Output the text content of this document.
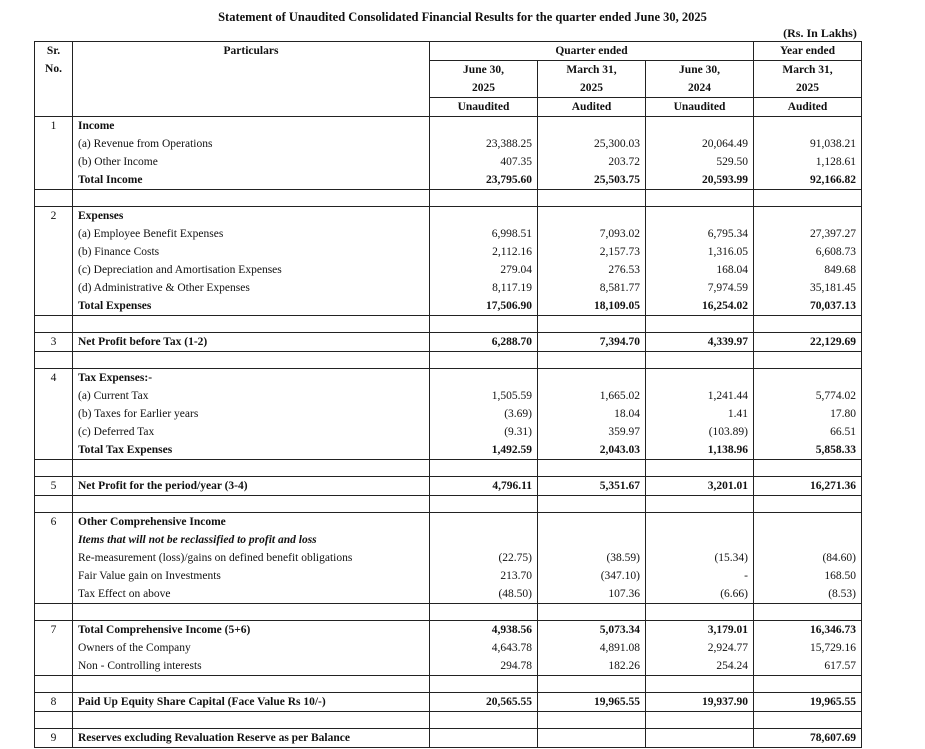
Statement of Unaudited Consolidated Financial Results for the quarter ended June 30, 2025
(Rs. In Lakhs)
Sr.	Particulars	Quarter ended			Year ended
No.		June 30,	March 31,	June 30,	March 31,
		2025	2025	2024	2025
		Unaudited	Audited	Unaudited	Audited
1	Income				
	(a) Revenue from Operations	23,388.25	25,300.03	20,064.49	91,038.21
	(b) Other Income	407.35	203.72	529.50	1,128.61
	Total Income	23,795.60	25,503.75	20,593.99	92,166.82

2	Expenses				
	(a) Employee Benefit Expenses	6,998.51	7,093.02	6,795.34	27,397.27
	(b) Finance Costs	2,112.16	2,157.73	1,316.05	6,608.73
	(c) Depreciation and Amortisation Expenses	279.04	276.53	168.04	849.68
	(d) Administrative & Other Expenses	8,117.19	8,581.77	7,974.59	35,181.45
	Total Expenses	17,506.90	18,109.05	16,254.02	70,037.13

3	Net Profit before Tax (1-2)	6,288.70	7,394.70	4,339.97	22,129.69

4	Tax Expenses:-				
	(a) Current Tax	1,505.59	1,665.02	1,241.44	5,774.02
	(b) Taxes for Earlier years	(3.69)	18.04	1.41	17.80
	(c) Deferred Tax	(9.31)	359.97	(103.89)	66.51
	Total Tax Expenses	1,492.59	2,043.03	1,138.96	5,858.33

5	Net Profit for the period/year (3-4)	4,796.11	5,351.67	3,201.01	16,271.36

6	Other Comprehensive Income				
	Items that will not be reclassified to profit and loss				
	Re-measurement (loss)/gains on defined benefit obligations	(22.75)	(38.59)	(15.34)	(84.60)
	Fair Value gain on Investments	213.70	(347.10)	-	168.50
	Tax Effect on above	(48.50)	107.36	(6.66)	(8.53)

7	Total Comprehensive Income (5+6)	4,938.56	5,073.34	3,179.01	16,346.73
	Owners of the Company	4,643.78	4,891.08	2,924.77	15,729.16
	Non - Controlling interests	294.78	182.26	254.24	617.57

8	Paid Up Equity Share Capital (Face Value Rs 10/-)	20,565.55	19,965.55	19,937.90	19,965.55

9	Reserves excluding Revaluation Reserve as per Balance				78,607.69
